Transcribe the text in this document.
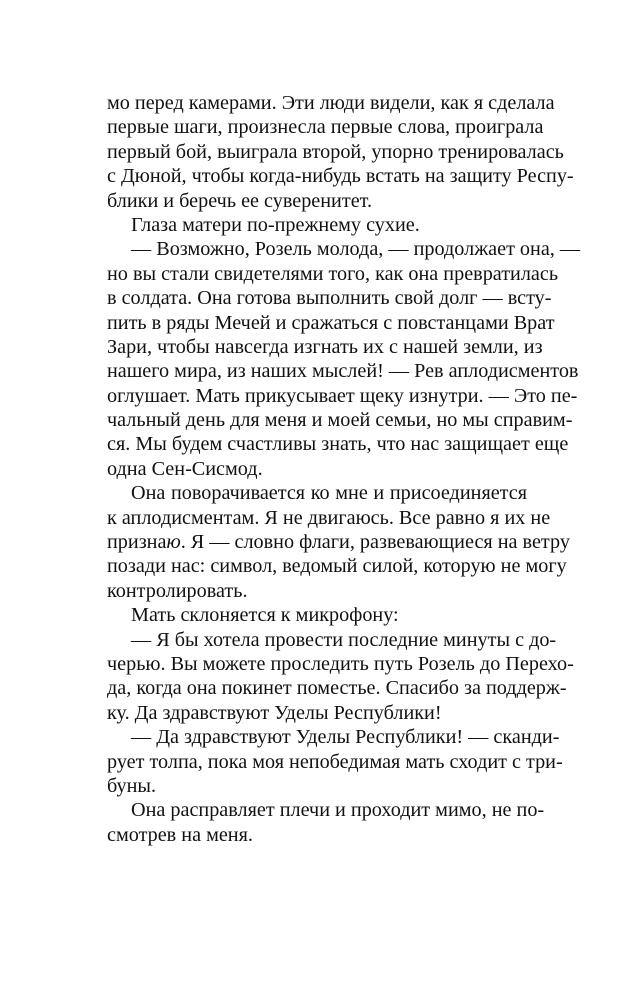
мо перед камерами. Эти люди видели, как я сделала
первые шаги, произнесла первые слова, проиграла
первый бой, выиграла второй, упорно тренировалась
с Дюной, чтобы когда-нибудь встать на защиту Респу-
блики и беречь ее суверенитет.
Глаза матери по-прежнему сухие.
— Возможно, Розель молода, — продолжает она, —
но вы стали свидетелями того, как она превратилась
в солдата. Она готова выполнить свой долг — всту-
пить в ряды Мечей и сражаться с повстанцами Врат
Зари, чтобы навсегда изгнать их с нашей земли, из
нашего мира, из наших мыслей! — Рев аплодисментов
оглушает. Мать прикусывает щеку изнутри. — Это пе-
чальный день для меня и моей семьи, но мы справим-
ся. Мы будем счастливы знать, что нас защищает еще
одна Сен-Сисмод.
Она поворачивается ко мне и присоединяется
к аплодисментам. Я не двигаюсь. Все равно я их не
признаю. Я — словно флаги, развевающиеся на ветру
позади нас: символ, ведомый силой, которую не могу
контролировать.
Мать склоняется к микрофону:
— Я бы хотела провести последние минуты с до-
черью. Вы можете проследить путь Розель до Перехо-
да, когда она покинет поместье. Спасибо за поддерж-
ку. Да здравствуют Уделы Республики!
— Да здравствуют Уделы Республики! — сканди-
рует толпа, пока моя непобедимая мать сходит с три-
буны.
Она расправляет плечи и проходит мимо, не по-
смотрев на меня.
